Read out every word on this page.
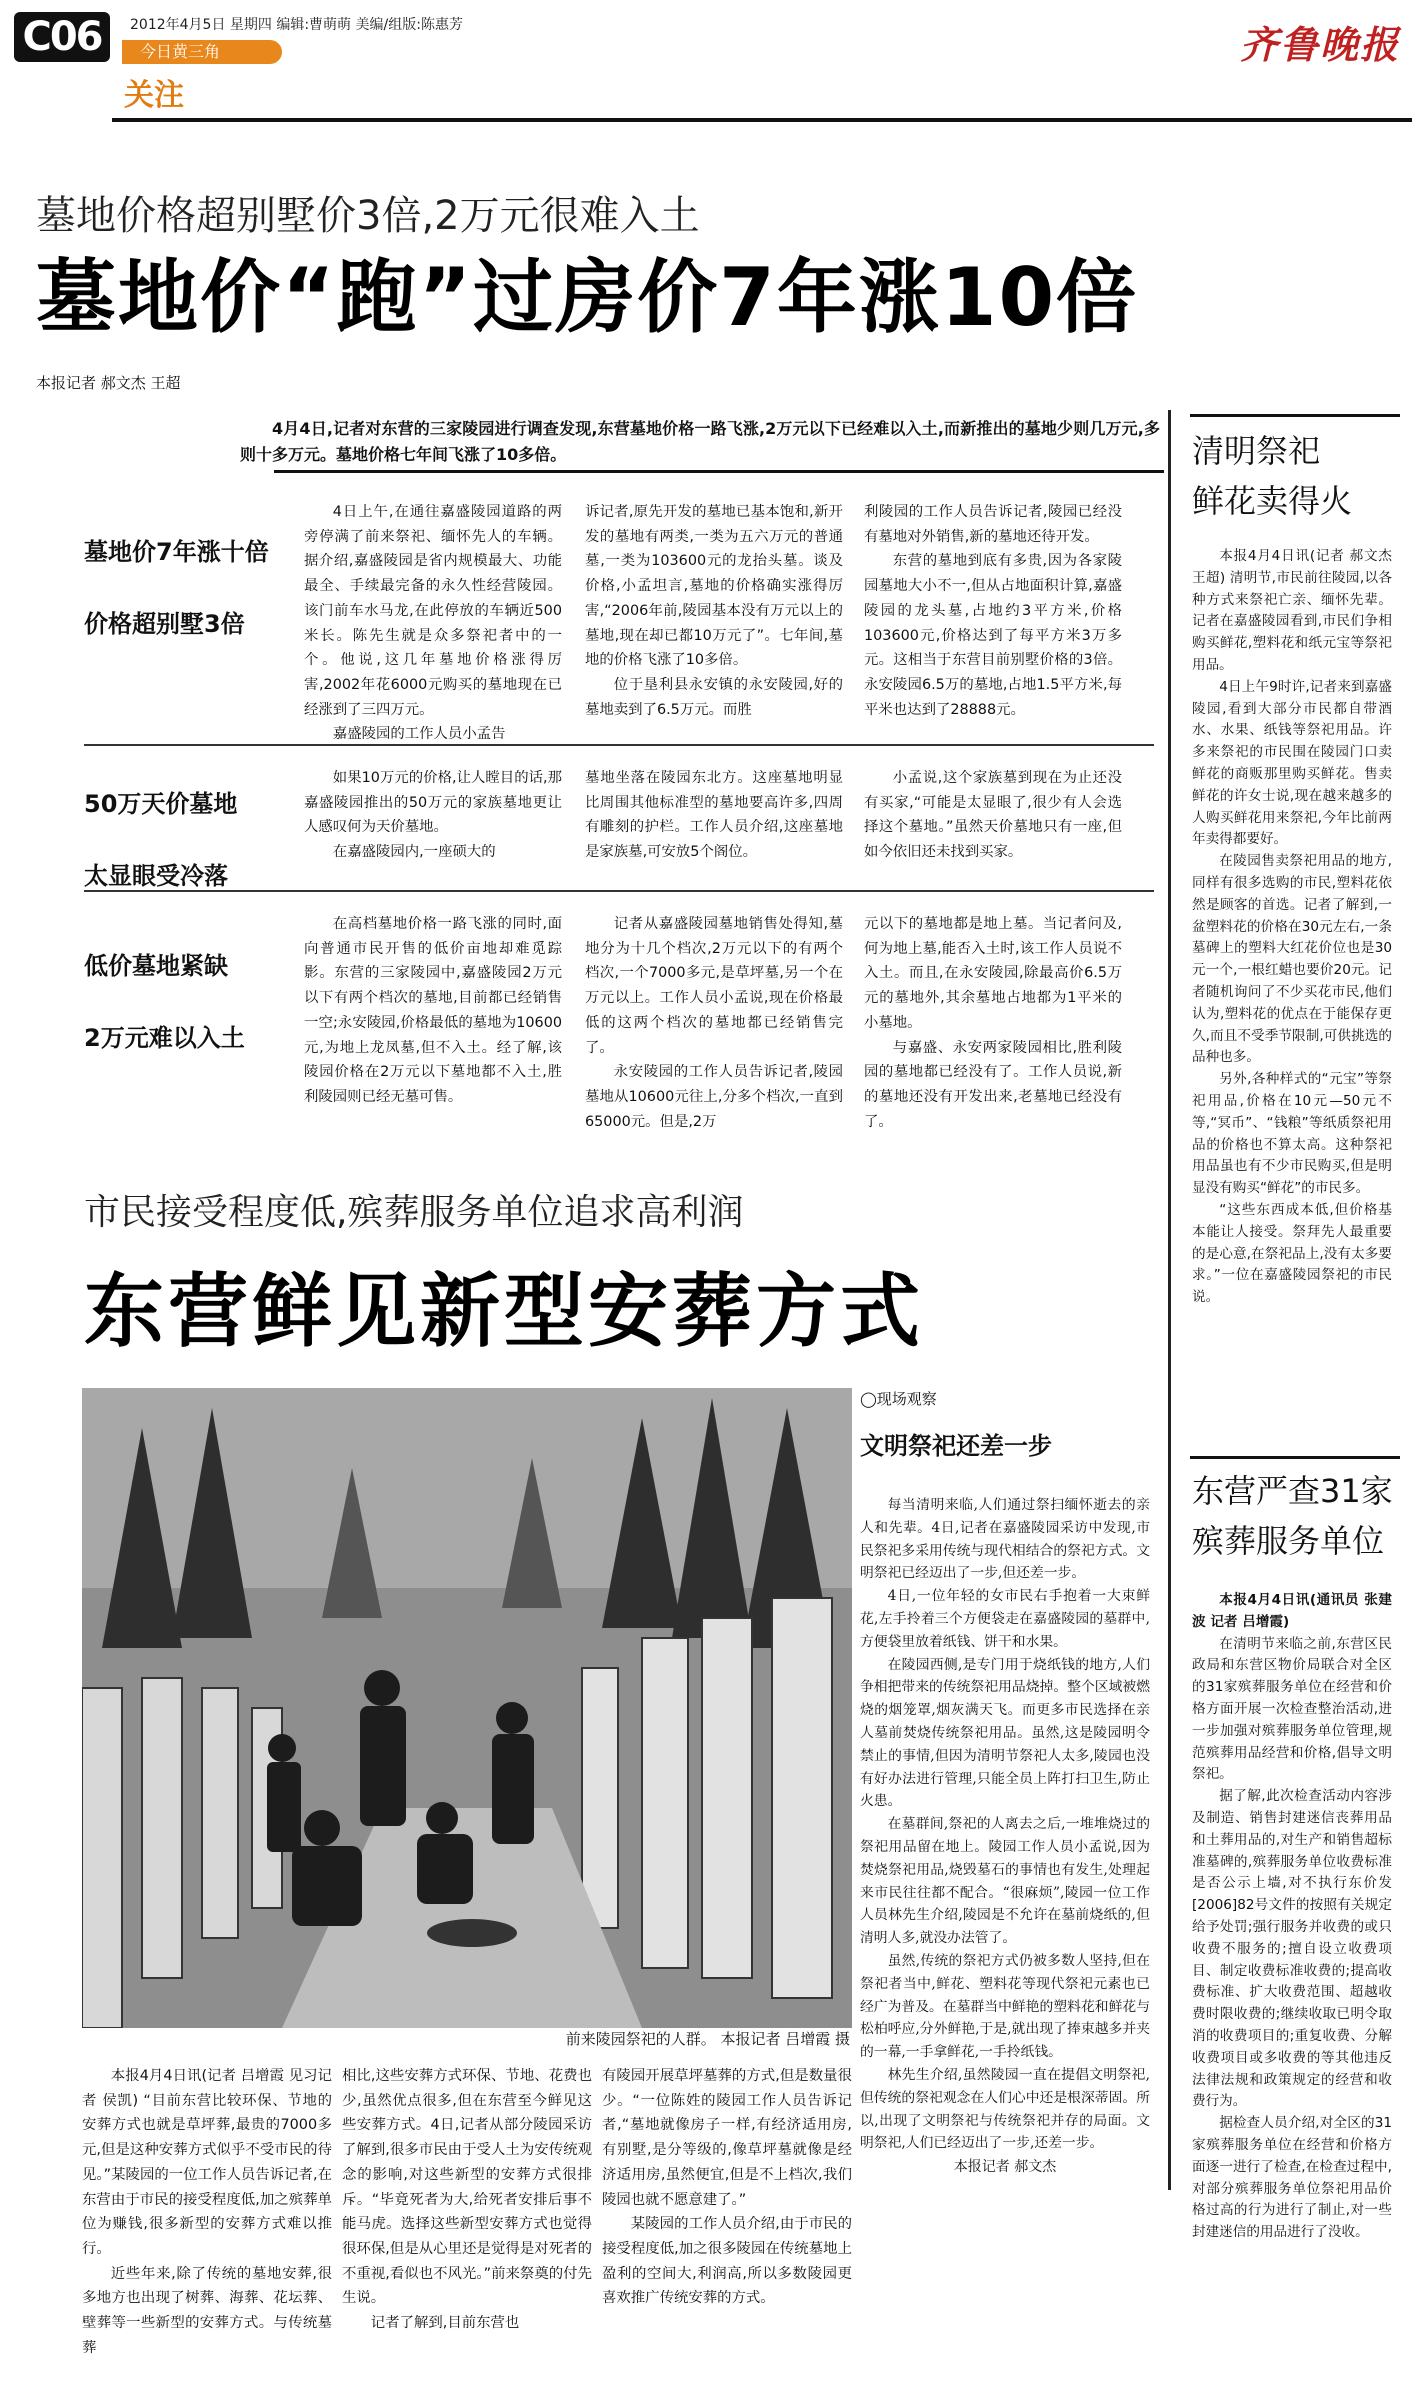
C06	2012年4月5日 星期四 编辑:曹萌萌 美编/组版:陈惠芳
今日黄三角
关注
齐鲁晚报
墓地价格超别墅价3倍,2万元很难入土
墓地价“跑”过房价7年涨10倍
本报记者 郝文杰 王超
4月4日,记者对东营的三家陵园进行调查发现,东营墓地价格一路飞涨,2万元以下已经难以入土,而新推出的墓地少则几万元,多则十多万元。墓地价格七年间飞涨了10多倍。
墓地价7年涨十倍
价格超别墅3倍

4日上午,在通往嘉盛陵园道路的两旁停满了前来祭祀、缅怀先人的车辆。据介绍,嘉盛陵园是省内规模最大、功能最全、手续最完备的永久性经营陵园。该门前车水马龙,在此停放的车辆近500米长。陈先生就是众多祭祀者中的一个。他说,这几年墓地价格涨得厉害,2002年花6000元购买的墓地现在已经涨到了三四万元。

嘉盛陵园的工作人员小孟告

诉记者,原先开发的墓地已基本饱和,新开发的墓地有两类,一类为五六万元的普通墓,一类为103600元的龙抬头墓。谈及价格,小孟坦言,墓地的价格确实涨得厉害,“2006年前,陵园基本没有万元以上的墓地,现在却已都10万元了”。七年间,墓地的价格飞涨了10多倍。

位于垦利县永安镇的永安陵园,好的墓地卖到了6.5万元。而胜

利陵园的工作人员告诉记者,陵园已经没有墓地对外销售,新的墓地还待开发。

东营的墓地到底有多贵,因为各家陵园墓地大小不一,但从占地面积计算,嘉盛陵园的龙头墓,占地约3平方米,价格103600元,价格达到了每平方米3万多元。这相当于东营目前别墅价格的3倍。永安陵园6.5万的墓地,占地1.5平方米,每平米也达到了28888元。

50万天价墓地
太显眼受冷落

如果10万元的价格,让人瞠目的话,那嘉盛陵园推出的50万元的家族墓地更让人感叹何为天价墓地。

在嘉盛陵园内,一座硕大的

墓地坐落在陵园东北方。这座墓地明显比周围其他标准型的墓地要高许多,四周有雕刻的护栏。工作人员介绍,这座墓地是家族墓,可安放5个阁位。

小孟说,这个家族墓到现在为止还没有买家,“可能是太显眼了,很少有人会选择这个墓地。”虽然天价墓地只有一座,但如今依旧还未找到买家。

低价墓地紧缺
2万元难以入土

在高档墓地价格一路飞涨的同时,面向普通市民开售的低价亩地却难觅踪影。东营的三家陵园中,嘉盛陵园2万元以下有两个档次的墓地,目前都已经销售一空;永安陵园,价格最低的墓地为10600元,为地上龙凤墓,但不入土。经了解,该陵园价格在2万元以下墓地都不入土,胜利陵园则已经无墓可售。

记者从嘉盛陵园墓地销售处得知,墓地分为十几个档次,2万元以下的有两个档次,一个7000多元,是草坪墓,另一个在万元以上。工作人员小孟说,现在价格最低的这两个档次的墓地都已经销售完了。

永安陵园的工作人员告诉记者,陵园墓地从10600元往上,分多个档次,一直到65000元。但是,2万

元以下的墓地都是地上墓。当记者问及,何为地上墓,能否入土时,该工作人员说不入土。而且,在永安陵园,除最高价6.5万元的墓地外,其余墓地占地都为1平米的小墓地。

与嘉盛、永安两家陵园相比,胜利陵园的墓地都已经没有了。工作人员说,新的墓地还没有开发出来,老墓地已经没有了。

清明祭祀
鲜花卖得火

本报4月4日讯(记者 郝文杰 王超) 清明节,市民前往陵园,以各种方式来祭祀亡亲、缅怀先辈。记者在嘉盛陵园看到,市民们争相购买鲜花,塑料花和纸元宝等祭祀用品。

4日上午9时许,记者来到嘉盛陵园,看到大部分市民都自带酒水、水果、纸钱等祭祀用品。许多来祭祀的市民围在陵园门口卖鲜花的商贩那里购买鲜花。售卖鲜花的许女士说,现在越来越多的人购买鲜花用来祭祀,今年比前两年卖得都要好。

在陵园售卖祭祀用品的地方,同样有很多选购的市民,塑料花依然是顾客的首选。记者了解到,一盆塑料花的价格在30元左右,一条墓碑上的塑料大红花价位也是30元一个,一根红蜡也要价20元。记者随机询问了不少买花市民,他们认为,塑料花的优点在于能保存更久,而且不受季节限制,可供挑选的品种也多。

另外,各种样式的“元宝”等祭祀用品,价格在10元—50元不等,“冥币”、“钱粮”等纸质祭祀用品的价格也不算太高。这种祭祀用品虽也有不少市民购买,但是明显没有购买“鲜花”的市民多。

“这些东西成本低,但价格基本能让人接受。祭拜先人最重要的是心意,在祭祀品上,没有太多要求。”一位在嘉盛陵园祭祀的市民说。

东营严查31家
殡葬服务单位

本报4月4日讯(通讯员 张建波 记者 吕增霞)

在清明节来临之前,东营区民政局和东营区物价局联合对全区的31家殡葬服务单位在经营和价格方面开展一次检查整治活动,进一步加强对殡葬服务单位管理,规范殡葬用品经营和价格,倡导文明祭祀。

据了解,此次检查活动内容涉及制造、销售封建迷信丧葬用品和土葬用品的,对生产和销售超标准墓碑的,殡葬服务单位收费标准是否公示上墙,对不执行东价发[2006]82号文件的按照有关规定给予处罚;强行服务并收费的或只收费不服务的;擅自设立收费项目、制定收费标准收费的;提高收费标准、扩大收费范围、超越收费时限收费的;继续收取已明令取消的收费项目的;重复收费、分解收费项目或多收费的等其他违反法律法规和政策规定的经营和收费行为。

据检查人员介绍,对全区的31家殡葬服务单位在经营和价格方面逐一进行了检查,在检查过程中,对部分殡葬服务单位祭祀用品价格过高的行为进行了制止,对一些封建迷信的用品进行了没收。

市民接受程度低,殡葬服务单位追求高利润
东营鲜见新型安葬方式
前来陵园祭祀的人群。 本报记者 吕增霞 摄

本报4月4日讯(记者 吕增霞 见习记者 侯凯) “目前东营比较环保、节地的安葬方式也就是草坪葬,最贵的7000多元,但是这种安葬方式似乎不受市民的待见。”某陵园的一位工作人员告诉记者,在东营由于市民的接受程度低,加之殡葬单位为赚钱,很多新型的安葬方式难以推行。

近些年来,除了传统的墓地安葬,很多地方也出现了树葬、海葬、花坛葬、壁葬等一些新型的安葬方式。与传统墓葬

相比,这些安葬方式环保、节地、花费也少,虽然优点很多,但在东营至今鲜见这些安葬方式。4日,记者从部分陵园采访了解到,很多市民由于受人土为安传统观念的影响,对这些新型的安葬方式很排斥。“毕竟死者为大,给死者安排后事不能马虎。选择这些新型安葬方式也觉得很环保,但是从心里还是觉得是对死者的不重视,看似也不风光。”前来祭奠的付先生说。

记者了解到,目前东营也

有陵园开展草坪墓葬的方式,但是数量很少。“一位陈姓的陵园工作人员告诉记者,“墓地就像房子一样,有经济适用房,有别墅,是分等级的,像草坪墓就像是经济适用房,虽然便宜,但是不上档次,我们陵园也就不愿意建了。”

某陵园的工作人员介绍,由于市民的接受程度低,加之很多陵园在传统墓地上盈利的空间大,利润高,所以多数陵园更喜欢推广传统安葬的方式。

◯现场观察
文明祭祀还差一步

每当清明来临,人们通过祭扫缅怀逝去的亲人和先辈。4日,记者在嘉盛陵园采访中发现,市民祭祀多采用传统与现代相结合的祭祀方式。文明祭祀已经迈出了一步,但还差一步。

4日,一位年轻的女市民右手抱着一大束鲜花,左手拎着三个方便袋走在嘉盛陵园的墓群中,方便袋里放着纸钱、饼干和水果。

在陵园西侧,是专门用于烧纸钱的地方,人们争相把带来的传统祭祀用品烧掉。整个区域被燃烧的烟笼罩,烟灰满天飞。而更多市民选择在亲人墓前焚烧传统祭祀用品。虽然,这是陵园明令禁止的事情,但因为清明节祭祀人太多,陵园也没有好办法进行管理,只能全员上阵打扫卫生,防止火患。

在墓群间,祭祀的人离去之后,一堆堆烧过的祭祀用品留在地上。陵园工作人员小孟说,因为焚烧祭祀用品,烧毁墓石的事情也有发生,处理起来市民往往都不配合。“很麻烦”,陵园一位工作人员林先生介绍,陵园是不允许在墓前烧纸的,但清明人多,就没办法管了。

虽然,传统的祭祀方式仍被多数人坚持,但在祭祀者当中,鲜花、塑料花等现代祭祀元素也已经广为普及。在墓群当中鲜艳的塑料花和鲜花与松柏呼应,分外鲜艳,于是,就出现了捧束越多并夹的一幕,一手拿鲜花,一手拎纸钱。

林先生介绍,虽然陵园一直在提倡文明祭祀,但传统的祭祀观念在人们心中还是根深蒂固。所以,出现了文明祭祀与传统祭祀并存的局面。文明祭祀,人们已经迈出了一步,还差一步。

本报记者 郝文杰
